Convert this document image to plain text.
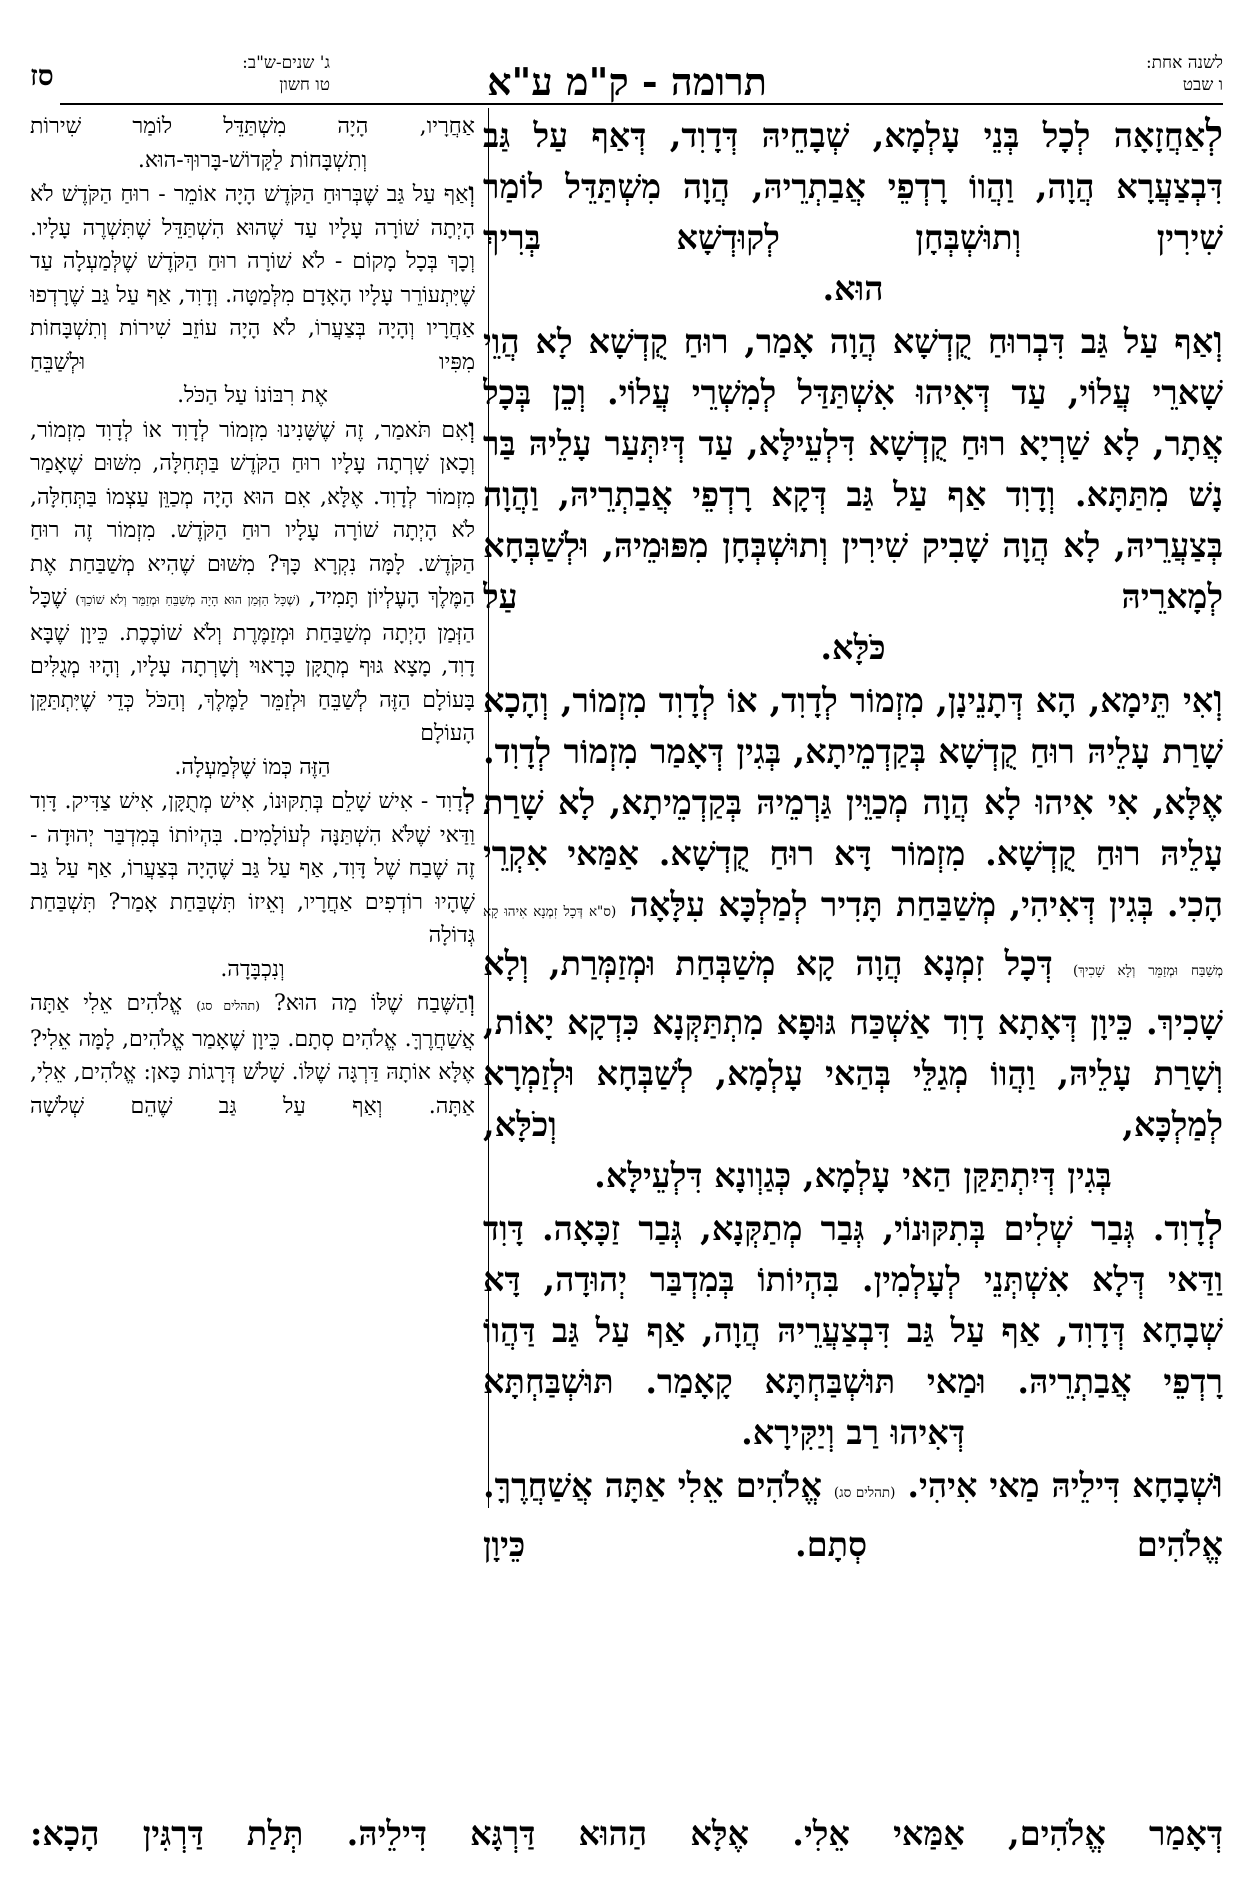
לשנה אחת:
ו שבט
תרומה - ק"מ ע"א
ג' שנים-ש"ב:
טו חשון
סז

לְאַחֲזָאָה לְכָל בְּנֵי עָלְמָא, שְׁבָחֵיהּ דְּדָוִד, דְּאַף עַל גַּב דִּבְצַעֲרָא הֲוָה, וַהֲווֹ רָדְפֵי אֲבַתְרֵיהּ, הֲוָה מִשְׁתַּדֵּל לוֹמַר שִׁירִין וְתוּשְׁבְּחָן לְקוּדְשָׁא בְּרִיךְ

הוּא.

וְאַף עַל גַּב דִּבְרוּחַ קֻדְשָׁא הֲוָה אָמַר, רוּחַ קֻדְשָׁא לָא הֲוֵי שָׁארֵי עֲלוֹי, עַד דְּאִיהוּ אִשְׁתַּדַּל לְמִשְׁרֵי עֲלוֹי. וְכֵן בְּכָל אֲתָר, לָא שַׁרְיָא רוּחַ קֻדְשָׁא דִּלְעֵילָּא, עַד דְּיִתְּעַר עָלֵיהּ בַּר נָשׁ מִתַּתָּא. וְדָוִד אַף עַל גַּב דְּקָא רָדְפֵי אֲבַתְרֵיהּ, וַהֲוָה בְּצַעֲרֵיהּ, לָא הֲוָה שָׁבִיק שִׁירִין וְתוּשְׁבְּחָן מִפּוּמֵיהּ, וּלְשַׁבְּחָא לְמָארֵיהּ עַל

כֹּלָּא.

וְאִי תֵּימָא, הָא דְּתָנֵינָן, מִזְמוֹר לְדָוִד, אוֹ לְדָוִד מִזְמוֹר, וְהָכָא שָׁרַת עָלֵיהּ רוּחַ קֻדְשָׁא בְּקַדְמֵיתָא, בְּגִין דְּאָמַר מִזְמוֹר לְדָוִד. אֶלָּא, אִי אִיהוּ לָא הֲוָה מְכַוֵּין גַּרְמֵיהּ בְּקַדְמֵיתָא, לָא שָׁרַת עָלֵיהּ רוּחַ קֻדְשָׁא. מִזְמוֹר דָּא רוּחַ קֻדְשָׁא. אַמַּאי אִקְרֵי הָכִי. בְּגִין דְּאִיהִי, מְשַׁבַּחַת תָּדִיר לְמַלְכָּא עִלָּאָה (ס"א דְּכָל זִמְנָא אִיהוּ קָא מְשַׁבַּח וּמְזַמֵּר וְלָא שָׁכִיךְ) דְּכָל זִמְנָא הֲוָה קָא מְשַׁבְּחַת וּמְזַמְּרַת, וְלָא שָׁכִיךְ. כֵּיוָן דְּאָתָא דָוִד אַשְׁכַּח גּוּפָא מִתְתַּקְּנָא כִּדְקָא יָאוֹת, וְשָׁרַת עָלֵיהּ, וַהֲווֹ מְגַלֵּי בְּהַאי עָלְמָא, לְשַׁבְּחָא וּלְזַמְרָא לְמַלְכָּא, וְכֹלָּא,

בְּגִין דְּיִתְתַּקַּן הַאי עָלְמָא, כְּגַוְונָא דִּלְעֵילָּא.

לְדָוִד. גְּבַר שְׁלִים בְּתִקּוּנוֹי, גְּבַר מְתַקְּנָא, גְּבַר זַכָּאָה. דָּוִד וַדַּאי דְּלָא אִשְׁתְּנֵי לְעָלְמִין. בִּהְיוֹתוֹ בְּמִדְבַּר יְהוּדָה, דָּא שְׁבָחָא דְּדָוִד, אַף עַל גַּב דִּבְצַעֲרֵיהּ הֲוָה, אַף עַל גַּב דַּהֲווֹ רָדְפֵי אֲבַתְרֵיהּ. וּמַאי תּוּשְׁבַּחְתָּא קָאָמַר. תּוּשְׁבַּחְתָּא

דְּאִיהוּ רַב וְיַקִּירָא.

וּשְׁבָחָא דִּילֵיהּ מַאי אִיהִי. (תהלים סג) אֱלֹהִים אֵלִי אַתָּה אֲשַׁחֲרֶךָּ. אֱלֹהִים סְתָם. כֵּיוָן

אַחֲרָיו, הָיָה מִשְׁתַּדֵּל לוֹמַר שִׁירוֹת

וְתִשְׁבָּחוֹת לַקָּדוֹשׁ-בָּרוּךְ-הוּא.

וְאַף עַל גַּב שֶׁבְּרוּחַ הַקֹּדֶשׁ הָיָה אוֹמֵר - רוּחַ הַקֹּדֶשׁ לֹא הָיְתָה שׁוֹרָה עָלָיו עַד שֶׁהוּא הִשְׁתַּדֵּל שֶׁתִּשְׁרֶה עָלָיו. וְכָךְ בְּכָל מָקוֹם - לֹא שׁוֹרָה רוּחַ הַקֹּדֶשׁ שֶׁלְּמַעְלָה עַד שֶׁיִּתְעוֹרֵר עָלָיו הָאָדָם מִלְּמַטָּה. וְדָוִד, אַף עַל גַּב שֶׁרָדְפוּ אַחֲרָיו וְהָיָה בְּצַעֲרוֹ, לֹא הָיָה עוֹזֵב שִׁירוֹת וְתִשְׁבָּחוֹת מִפִּיו וּלְשַׁבֵּחַ

אֶת רִבּוֹנוֹ עַל הַכֹּל.

וְאִם תֹּאמַר, זֶה שֶׁשָּׁנִינוּ מִזְמוֹר לְדָוִד אוֹ לְדָוִד מִזְמוֹר, וְכָאן שָׁרְתָה עָלָיו רוּחַ הַקֹּדֶשׁ בַּתְּחִלָּה, מִשּׁוּם שֶׁאָמַר מִזְמוֹר לְדָוִד. אֶלָּא, אִם הוּא הָיָה מְכַוֵּן עַצְמוֹ בַּתְּחִלָּה, לֹא הָיְתָה שׁוֹרָה עָלָיו רוּחַ הַקֹּדֶשׁ. מִזְמוֹר זֶה רוּחַ הַקֹּדֶשׁ. לָמָּה נִקְרָא כָּךְ? מִשּׁוּם שֶׁהִיא מְשַׁבַּחַת אֶת הַמֶּלֶךְ הָעֶלְיוֹן תָּמִיד, (שֶׁכָּל הַזְּמַן הוּא הָיָה מְשַׁבֵּחַ וּמְזַמֵּר וְלֹא שׁוֹכֵךְ) שֶׁכָּל הַזְּמַן הָיְתָה מְשַׁבַּחַת וּמְזַמֶּרֶת וְלֹא שׁוֹכֶכֶת. כֵּיוָן שֶׁבָּא דָוִד, מָצָא גּוּף מְתֻקָּן כָּרָאוּי וְשָׁרְתָה עָלָיו, וְהָיוּ מְגֻלִּים בָּעוֹלָם הַזֶּה לְשַׁבֵּחַ וּלְזַמֵּר לַמֶּלֶךְ, וְהַכֹּל כְּדֵי שֶׁיִּתְתַּקֵּן הָעוֹלָם

הַזֶּה כְּמוֹ שֶׁלְּמַעְלָה.

לְדָוִד - אִישׁ שָׁלֵם בְּתִקּוּנוֹ, אִישׁ מְתֻקָּן, אִישׁ צַדִּיק. דָּוִד וַדַּאי שֶׁלֹּא הִשְׁתַּנָּה לְעוֹלָמִים. בִּהְיוֹתוֹ בְּמִדְבַּר יְהוּדָה - זֶה שֶׁבַח שֶׁל דָּוִד, אַף עַל גַּב שֶׁהָיָה בְּצַעֲרוֹ, אַף עַל גַּב שֶׁהָיוּ רוֹדְפִים אַחֲרָיו, וְאֵיזוֹ תִּשְׁבַּחַת אָמַר? תִּשְׁבַּחַת גְּדוֹלָה

וְנִכְבָּדָה.

וְהַשֶּׁבַח שֶׁלּוֹ מַה הוּא? (תהלים סג) אֱלֹהִים אֵלִי אַתָּה אֲשַׁחֲרֶךָּ. אֱלֹהִים סְתָם. כֵּיוָן שֶׁאָמַר אֱלֹהִים, לָמָּה אֵלִי? אֶלָּא אוֹתָהּ דַּרְגָּה שֶׁלּוֹ. שָׁלֹשׁ דְּרָגוֹת כָּאן: אֱלֹהִים, אֵלִי, אַתָּה. וְאַף עַל גַּב שֶׁהֵם שְׁלֹשָׁה

דְּאָמַר אֱלֹהִים, אַמַּאי אֵלִי. אֶלָּא הַהוּא דַּרְגָּא דִּילֵיהּ. תְּלַת דַּרְגִּין הָכָא:
